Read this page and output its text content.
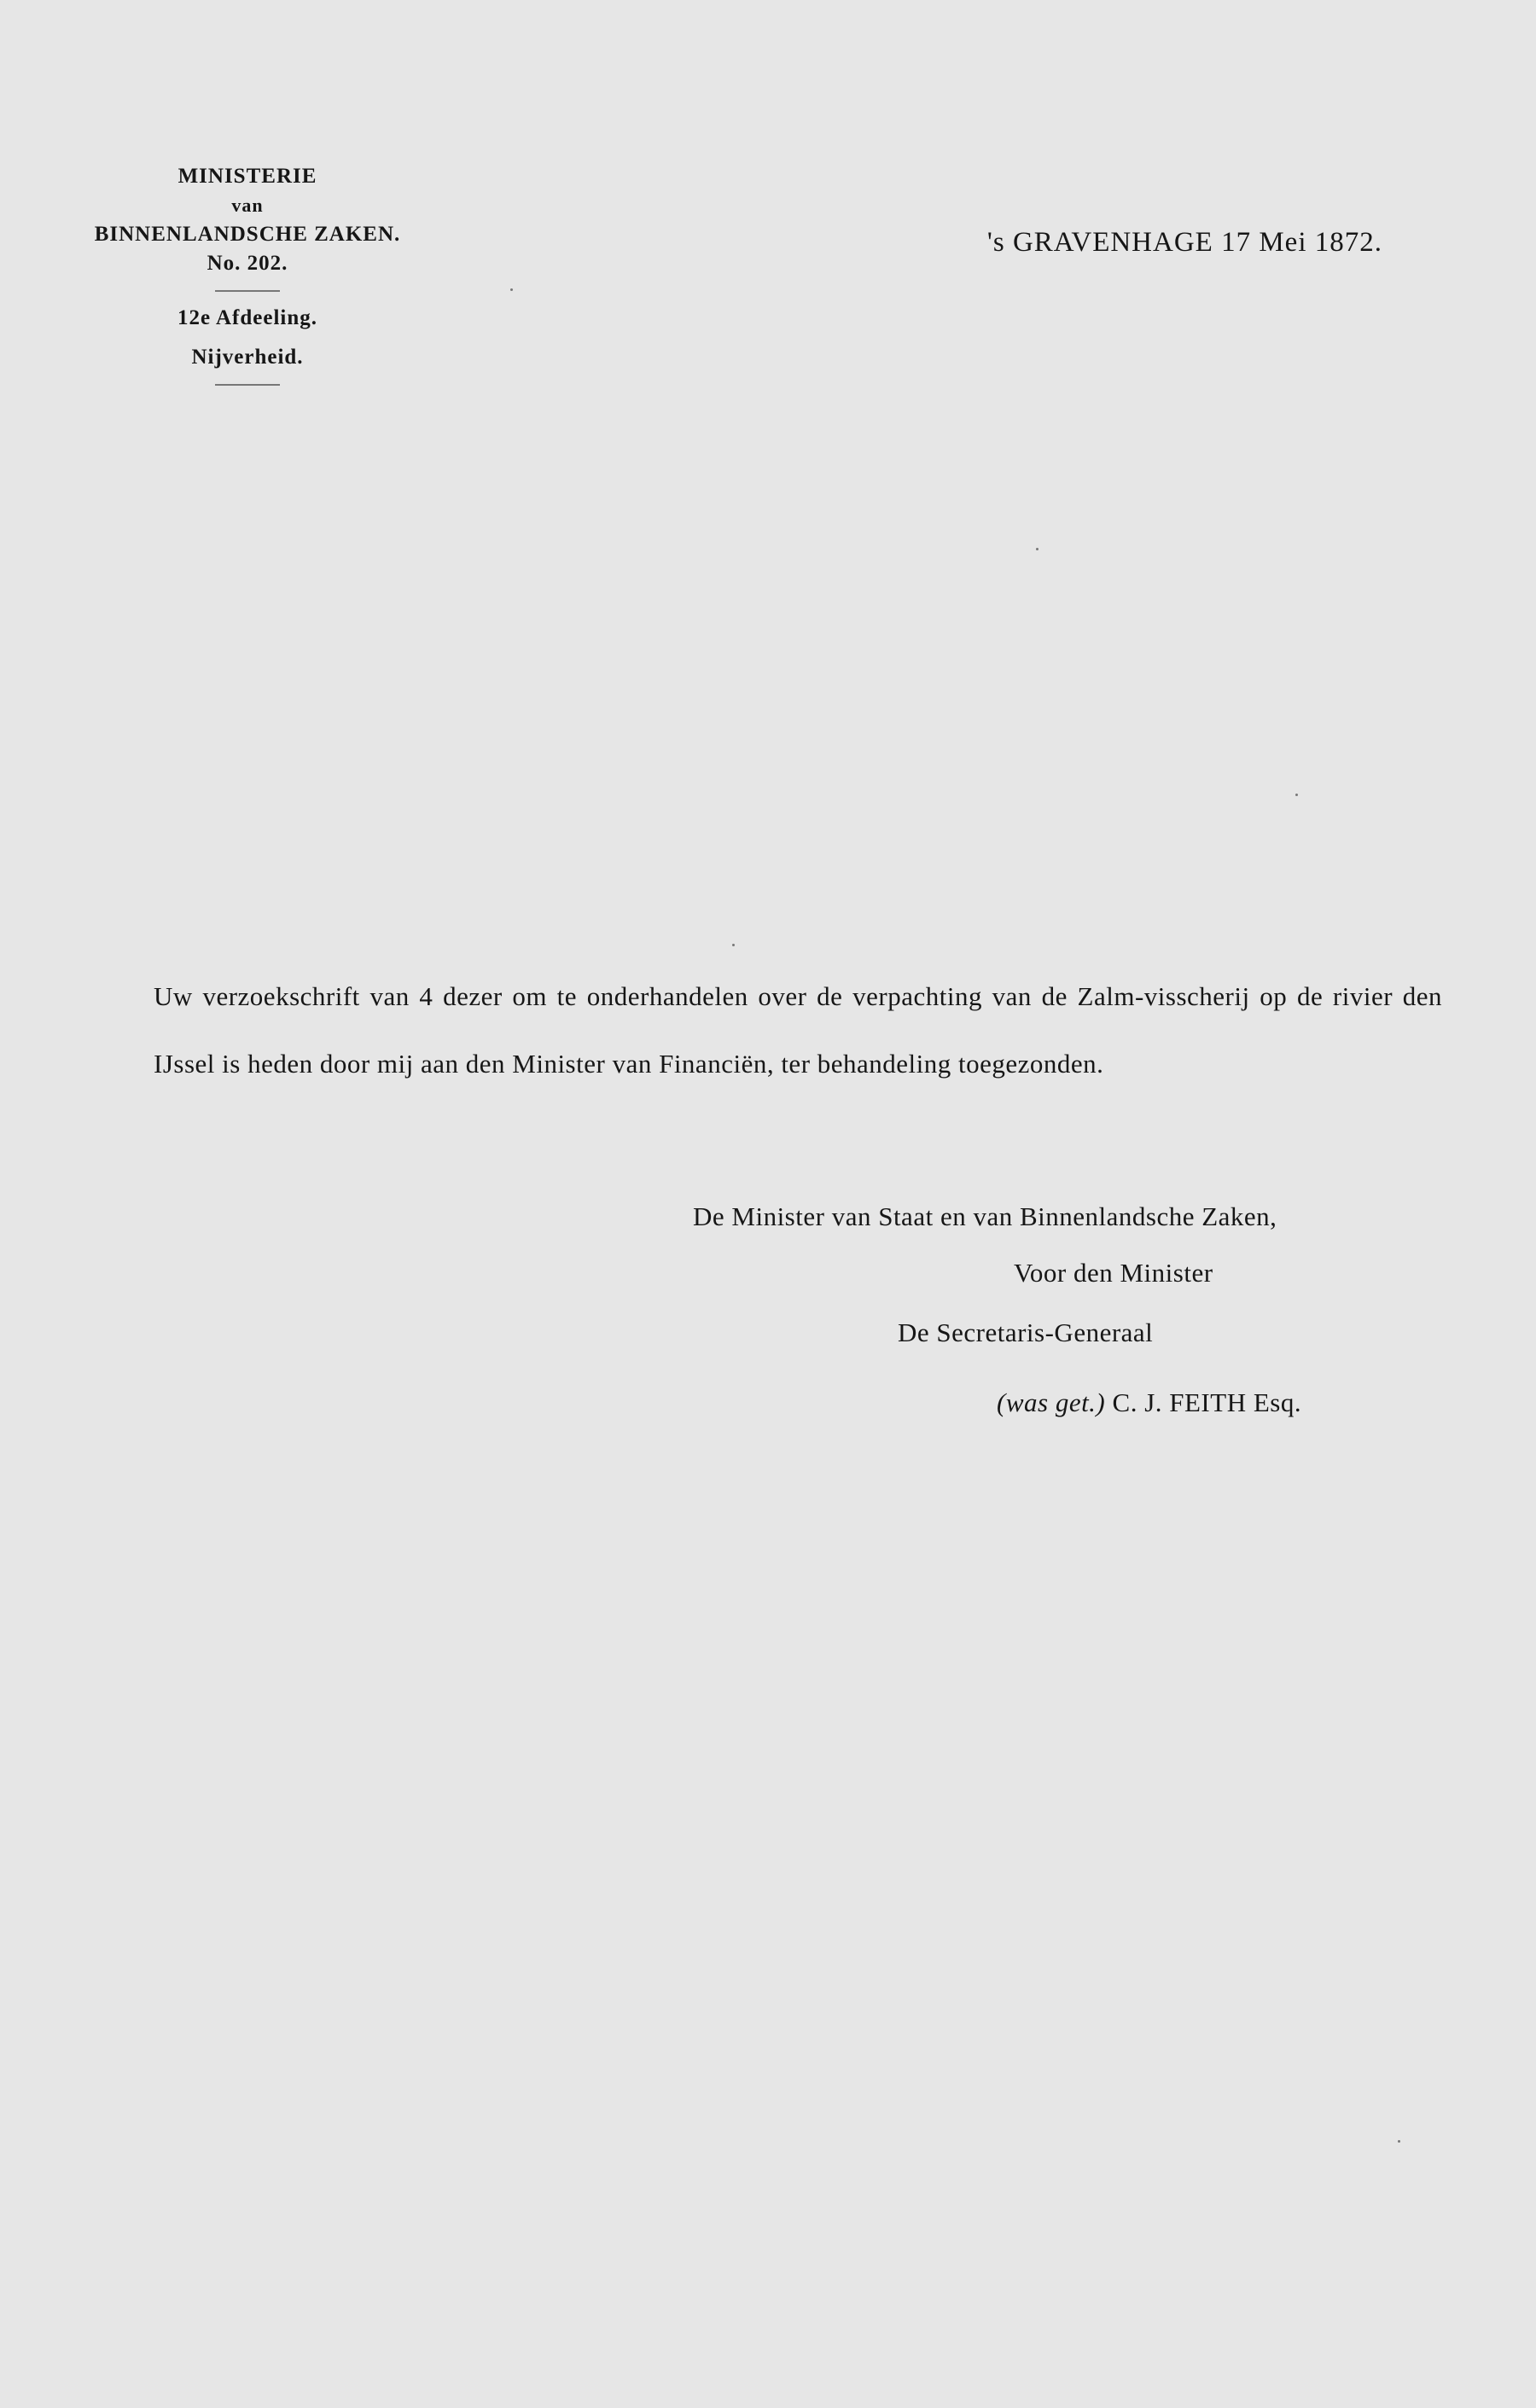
MINISTERIE
van
BINNENLANDSCHE ZAKEN.
No. 202.
12e Afdeeling.
Nijverheid.
's GRAVENHAGE 17 Mei 1872.
Uw verzoekschrift van 4 dezer om te onderhandelen over de verpachting van de Zalm-visscherij op de rivier den IJssel is heden door mij aan den Minister van Financiën, ter behandeling toegezonden.
De Minister van Staat en van Binnenlandsche Zaken,
Voor den Minister
De Secretaris-Generaal
(was get.) C. J. FEITH Esq.
